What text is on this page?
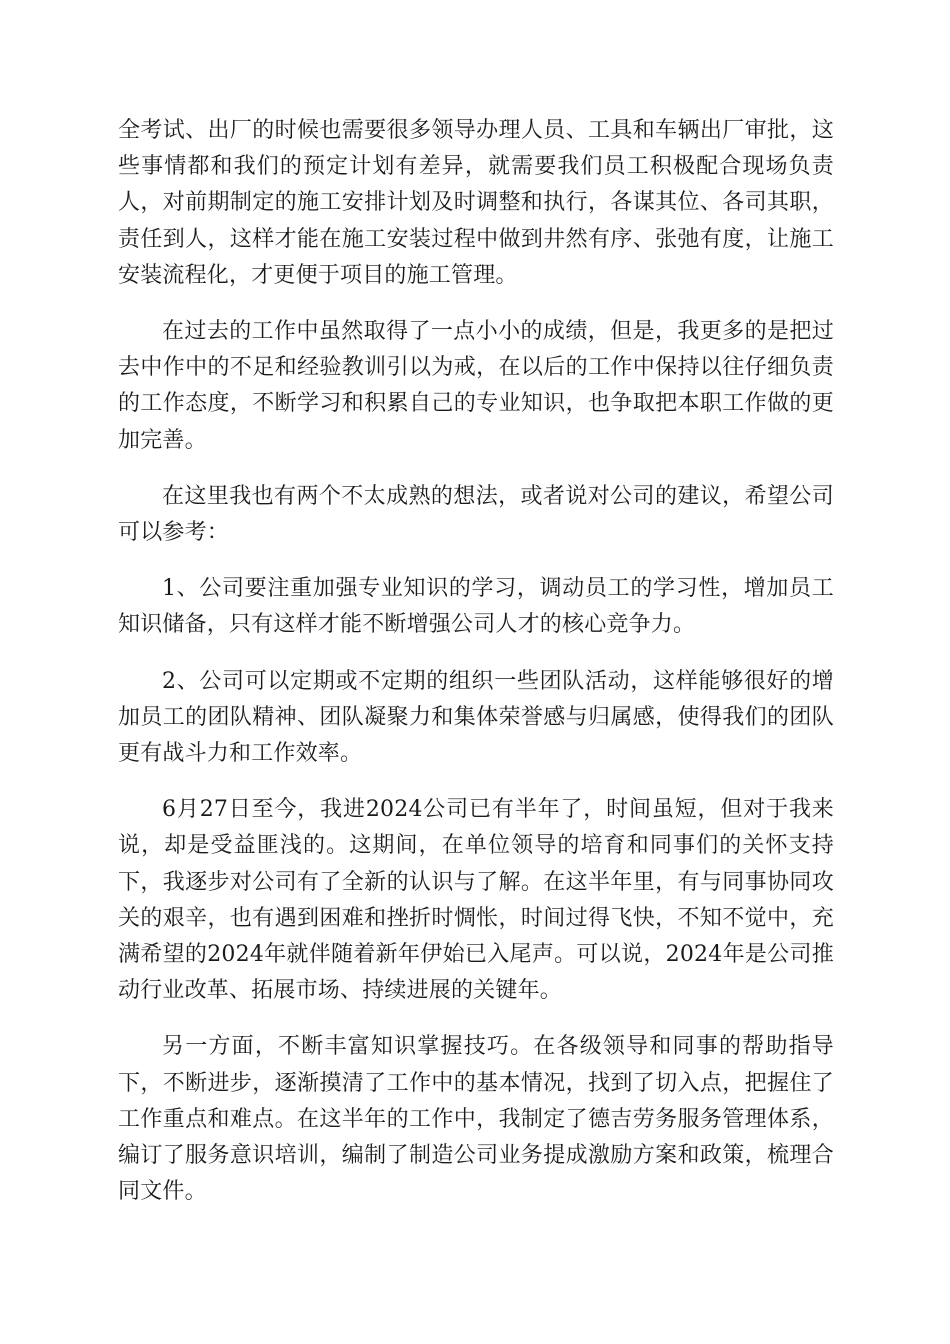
全考试、出厂的时候也需要很多领导办理人员、工具和车辆出厂审批，这些事情都和我们的预定计划有差异，就需要我们员工积极配合现场负责人，对前期制定的施工安排计划及时调整和执行，各谋其位、各司其职，责任到人，这样才能在施工安装过程中做到井然有序、张弛有度，让施工安装流程化，才更便于项目的施工管理。

在过去的工作中虽然取得了一点小小的成绩，但是，我更多的是把过去中作中的不足和经验教训引以为戒，在以后的工作中保持以往仔细负责的工作态度，不断学习和积累自己的专业知识，也争取把本职工作做的更加完善。

在这里我也有两个不太成熟的想法，或者说对公司的建议，希望公司可以参考：

1、公司要注重加强专业知识的学习，调动员工的学习性，增加员工知识储备，只有这样才能不断增强公司人才的核心竞争力。

2、公司可以定期或不定期的组织一些团队活动，这样能够很好的增加员工的团队精神、团队凝聚力和集体荣誉感与归属感，使得我们的团队更有战斗力和工作效率。

6月27日至今，我进2024公司已有半年了，时间虽短，但对于我来说，却是受益匪浅的。这期间，在单位领导的培育和同事们的关怀支持下，我逐步对公司有了全新的认识与了解。在这半年里，有与同事协同攻关的艰辛，也有遇到困难和挫折时惆怅，时间过得飞快，不知不觉中，充满希望的2024年就伴随着新年伊始已入尾声。可以说，2024年是公司推动行业改革、拓展市场、持续进展的关键年。

另一方面，不断丰富知识掌握技巧。在各级领导和同事的帮助指导下，不断进步，逐渐摸清了工作中的基本情况，找到了切入点，把握住了工作重点和难点。在这半年的工作中，我制定了德吉劳务服务管理体系，编订了服务意识培训，编制了制造公司业务提成激励方案和政策，梳理合同文件。
